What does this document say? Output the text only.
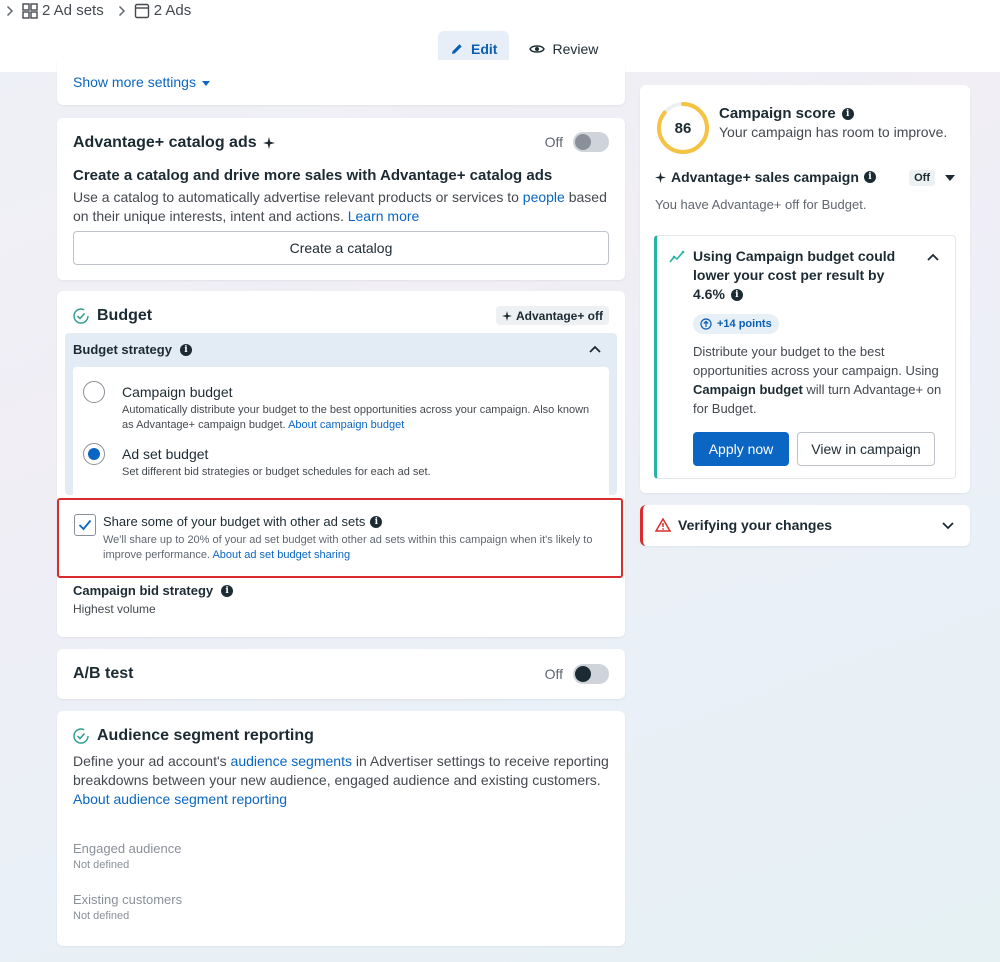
2 Ad sets	2 Ads
Edit	Review
Show more settings
Advantage+ catalog ads	Off
Create a catalog and drive more sales with Advantage+ catalog ads
Use a catalog to automatically advertise relevant products or services to people based on their unique interests, intent and actions. Learn more
Create a catalog
Budget	Advantage+ off
Budget strategy	i
Campaign budget
Automatically distribute your budget to the best opportunities across your campaign. Also known as Advantage+ campaign budget. About campaign budget
Ad set budget
Set different bid strategies or budget schedules for each ad set.
Share some of your budget with other ad sets	i
We'll share up to 20% of your ad set budget with other ad sets within this campaign when it's likely to improve performance. About ad set budget sharing
Campaign bid strategy	i
Highest volume
A/B test	Off
Audience segment reporting
Define your ad account's audience segments in Advertiser settings to receive reporting breakdowns between your new audience, engaged audience and existing customers. About audience segment reporting
Engaged audience
Not defined
Existing customers
Not defined
86
Campaign score	i
Your campaign has room to improve.
Advantage+ sales campaign	i	Off
You have Advantage+ off for Budget.
Using Campaign budget could lower your cost per result by 4.6% i
+14 points
Distribute your budget to the best opportunities across your campaign. Using Campaign budget will turn Advantage+ on for Budget.
Apply now	View in campaign
Verifying your changes
